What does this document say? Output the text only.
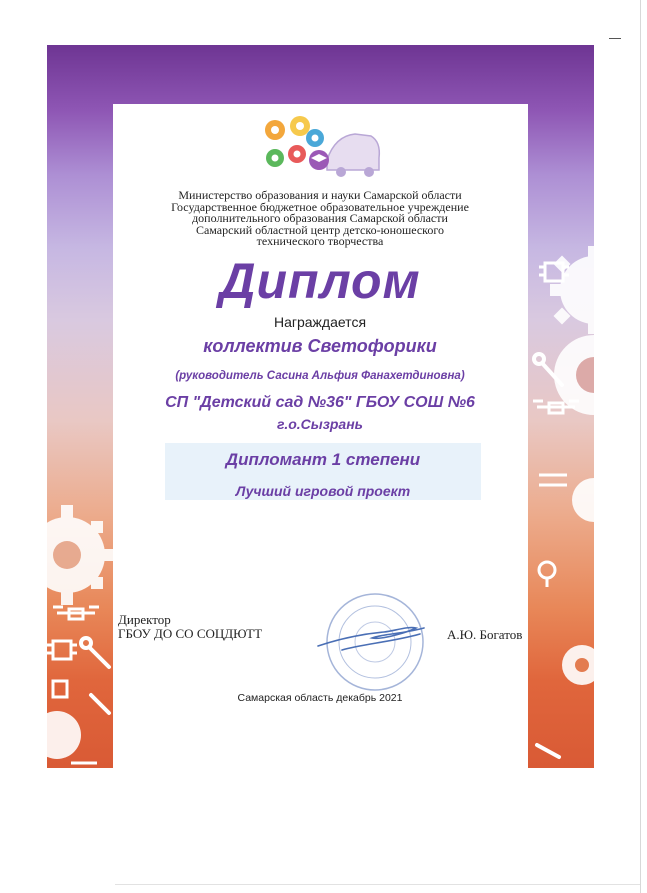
Министерство образования и науки Самарской области
Государственное бюджетное образовательное учреждение
дополнительного образования Самарской области
Самарский областной центр детско-юношеского
технического творчества
Диплом
Награждается
коллектив Светофорики
(руководитель Сасина Альфия Фанахетдиновна)
СП "Детский сад №36" ГБОУ СОШ №6
г.о.Сызрань
Дипломант 1 степени
Лучший игровой проект
Директор
ГБОУ ДО СО СОЦДЮТТ	А.Ю. Богатов
Самарская область декабрь 2021
